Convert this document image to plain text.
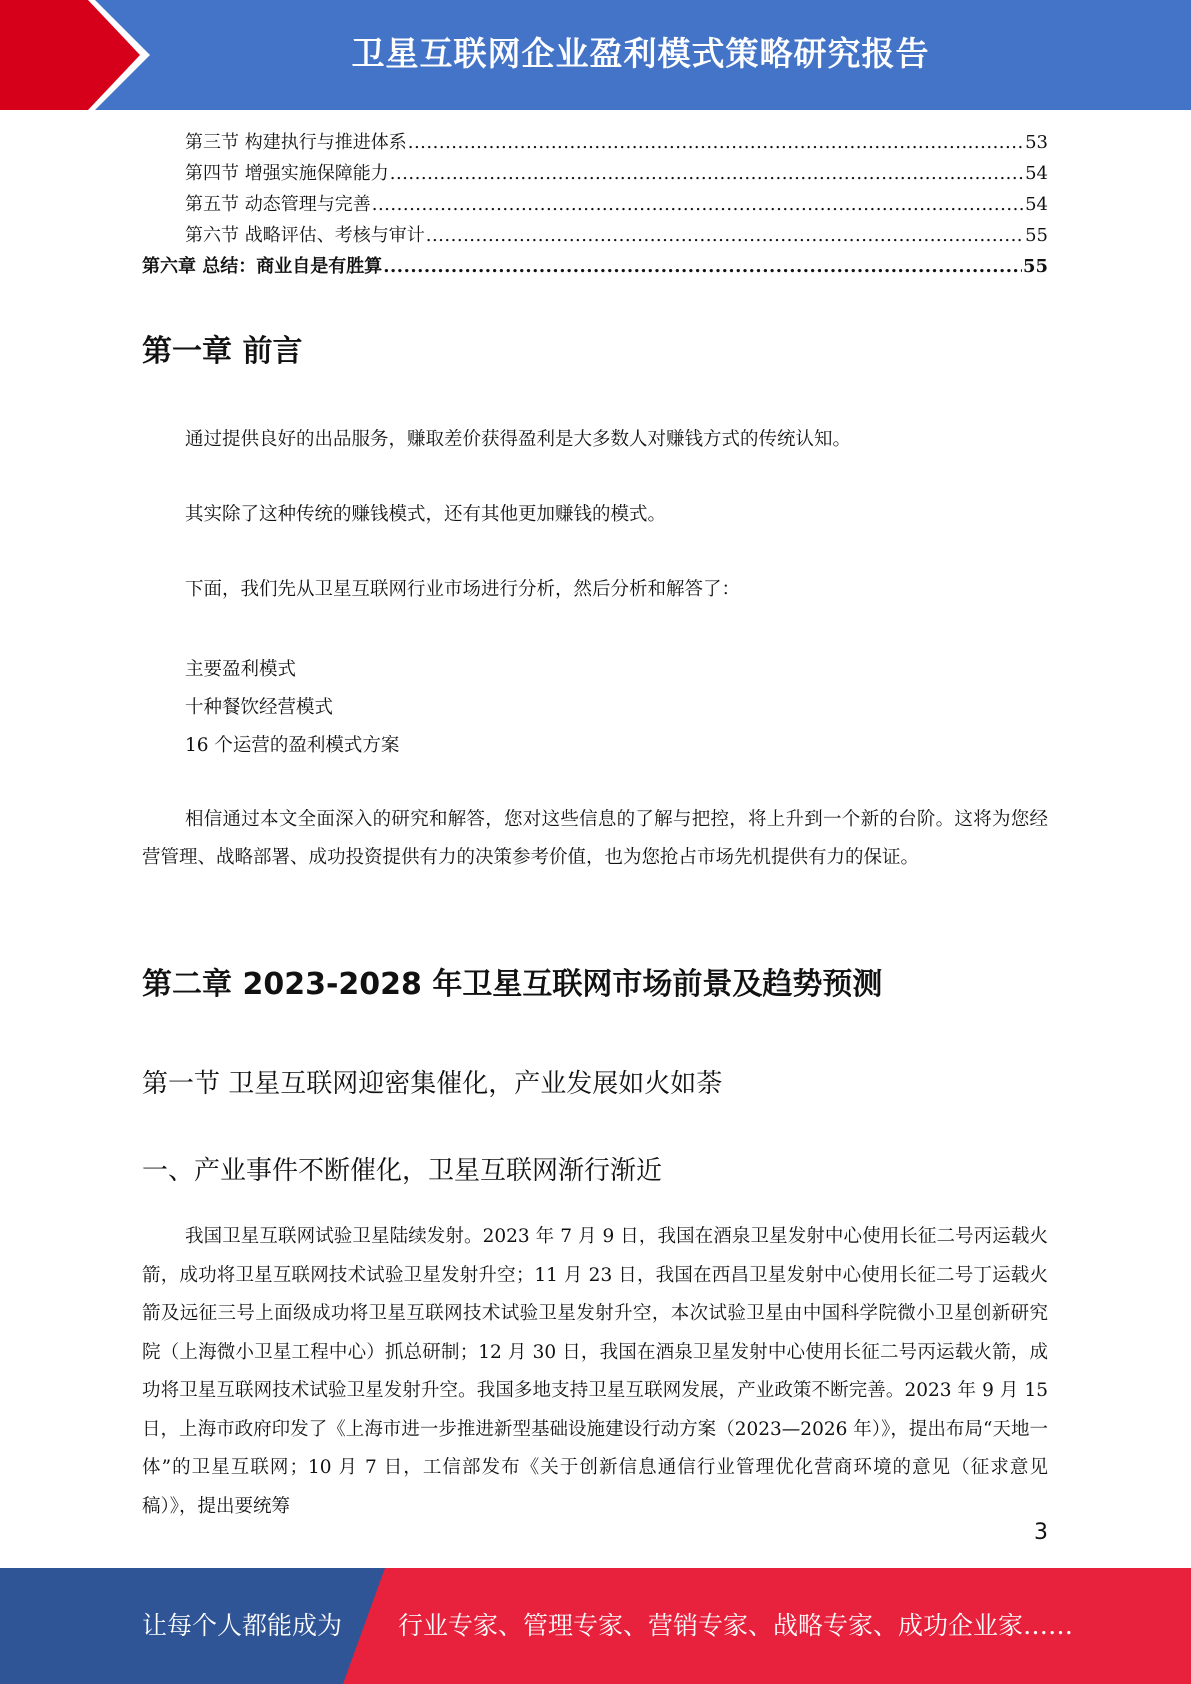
卫星互联网企业盈利模式策略研究报告
第三节 构建执行与推进体系 .....	53
第四节 增强实施保障能力 .....	54
第五节 动态管理与完善 .....	54
第六节 战略评估、考核与审计 .....	55
第六章 总结：商业自是有胜算 .....	55
第一章 前言

通过提供良好的出品服务，赚取差价获得盈利是大多数人对赚钱方式的传统认知。

其实除了这种传统的赚钱模式，还有其他更加赚钱的模式。

下面，我们先从卫星互联网行业市场进行分析，然后分析和解答了：

主要盈利模式
十种餐饮经营模式
16 个运营的盈利模式方案
相信通过本文全面深入的研究和解答，您对这些信息的了解与把控，将上升到一个新的台阶。这将为您经营管理、战略部署、成功投资提供有力的决策参考价值，也为您抢占市场先机提供有力的保证。
第二章 2023-2028 年卫星互联网市场前景及趋势预测
第一节 卫星互联网迎密集催化，产业发展如火如荼
一、产业事件不断催化，卫星互联网渐行渐近
我国卫星互联网试验卫星陆续发射。2023 年 7 月 9 日，我国在酒泉卫星发射中心使用长征二号丙运载火箭，成功将卫星互联网技术试验卫星发射升空；11 月 23 日，我国在西昌卫星发射中心使用长征二号丁运载火箭及远征三号上面级成功将卫星互联网技术试验卫星发射升空，本次试验卫星由中国科学院微小卫星创新研究院（上海微小卫星工程中心）抓总研制；12 月 30 日，我国在酒泉卫星发射中心使用长征二号丙运载火箭，成功将卫星互联网技术试验卫星发射升空。我国多地支持卫星互联网发展，产业政策不断完善。2023 年 9 月 15 日，上海市政府印发了《上海市进一步推进新型基础设施建设行动方案（2023—2026 年）》，提出布局“天地一体”的卫星互联网；10 月 7 日，工信部发布《关于创新信息通信行业管理优化营商环境的意见（征求意见稿）》，提出要统筹
3
让每个人都能成为 行业专家、管理专家、营销专家、战略专家、成功企业家……
